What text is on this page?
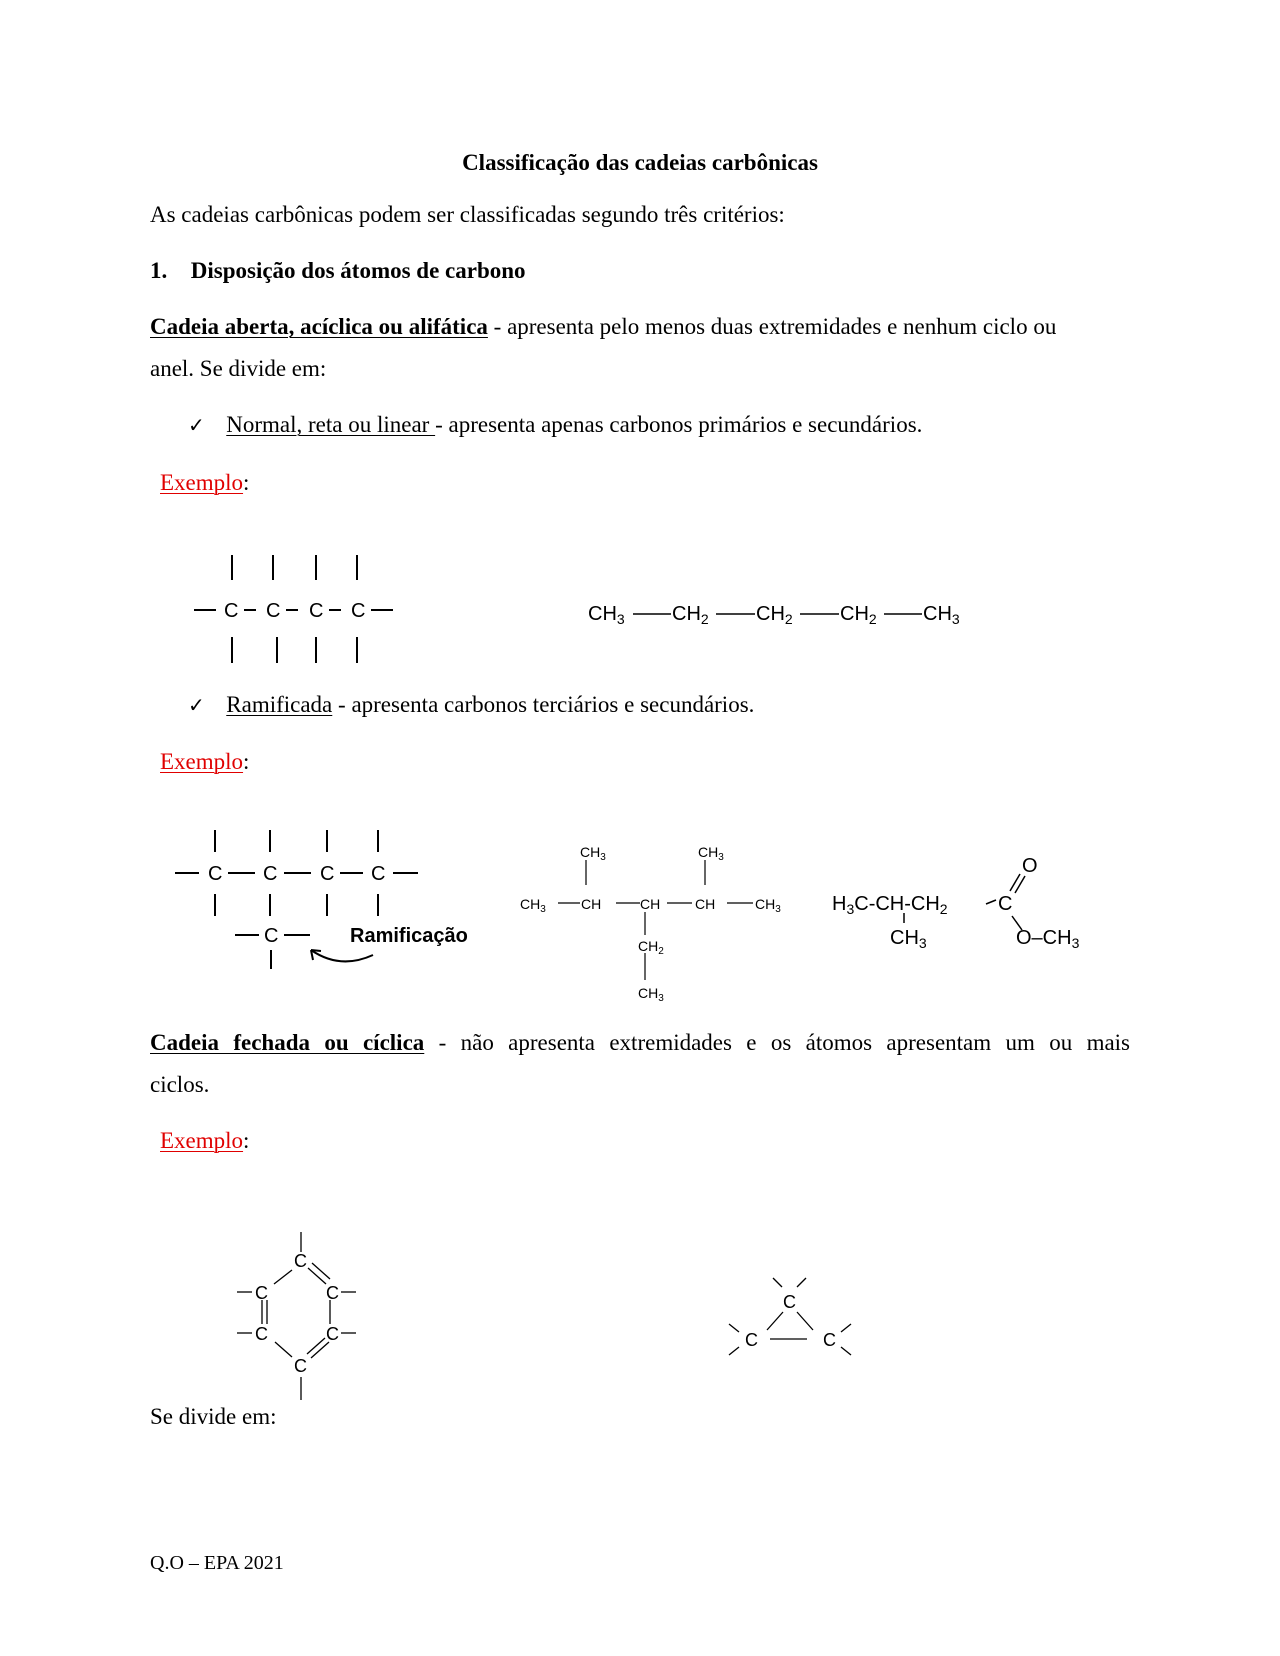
Classificação das cadeias carbônicas
As cadeias carbônicas podem ser classificadas segundo três critérios:
1. Disposição dos átomos de carbono
Cadeia aberta, acíclica ou alifática - apresenta pelo menos duas extremidades e nenhum ciclo ou
anel. Se divide em:
✓ Normal, reta ou linear - apresenta apenas carbonos primários e secundários.
Exemplo:
C C C C	$CH_3$ $CH_2$ $CH_2$ $CH_2$ $CH_3$
✓ Ramificada - apresenta carbonos terciários e secundários.
Exemplo:
C C C C
C	Ramificação
$CH_3$	$CH_3$
$CH_3$	CH	CH CH	$CH_3$
$CH_2$
$CH_3$
O
$H_3C-CH-CH_2$	C
$CH_3$	$O-CH_3$
Cadeia fechada ou cíclica - não apresenta extremidades e os átomos apresentam um ou mais
ciclos.
Exemplo:
C
C	C
C	C
C
C
C	C
Se divide em:
Q.O – EPA 2021
